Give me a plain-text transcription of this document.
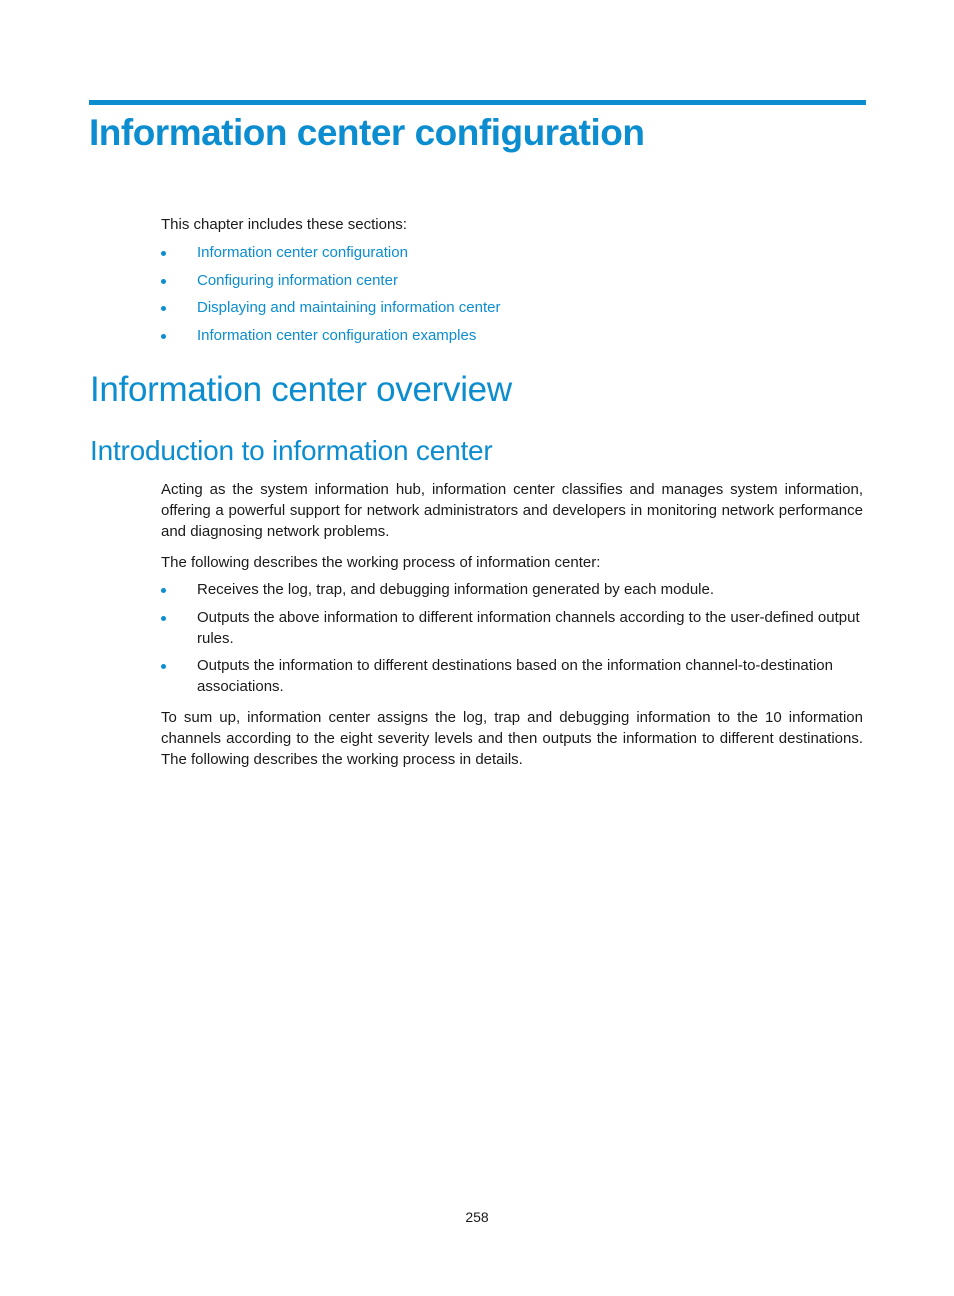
Information center configuration

This chapter includes these sections:

Information center configuration
Configuring information center
Displaying and maintaining information center
Information center configuration examples
Information center overview
Introduction to information center

Acting as the system information hub, information center classifies and manages system information, offering a powerful support for network administrators and developers in monitoring network performance and diagnosing network problems.

The following describes the working process of information center:

Receives the log, trap, and debugging information generated by each module.
Outputs the above information to different information channels according to the user-defined output rules.
Outputs the information to different destinations based on the information channel-to-destination associations.

To sum up, information center assigns the log, trap and debugging information to the 10 information channels according to the eight severity levels and then outputs the information to different destinations. The following describes the working process in details.

258
